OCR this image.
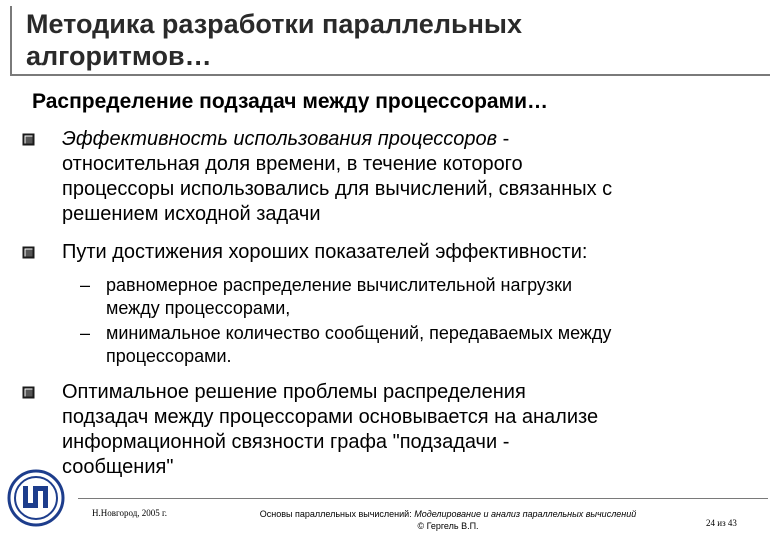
Методика разработки параллельных
алгоритмов…
Распределение подзадач между процессорами…
Эффективность использования процессоров -
относительная доля времени, в течение которого
процессоры использовались для вычислений, связанных с
решением исходной задачи
Пути достижения хороших показателей эффективности:
– равномерное распределение вычислительной нагрузки
между процессорами,
– минимальное количество сообщений, передаваемых между
процессорами.
Оптимальное решение проблемы распределения
подзадач между процессорами основывается на анализе
информационной связности графа "подзадачи -
сообщения"
Н.Новгород, 2005 г.	Основы параллельных вычислений: Моделирование и анализ параллельных вычислений
© Гергель В.П.	24 из 43
